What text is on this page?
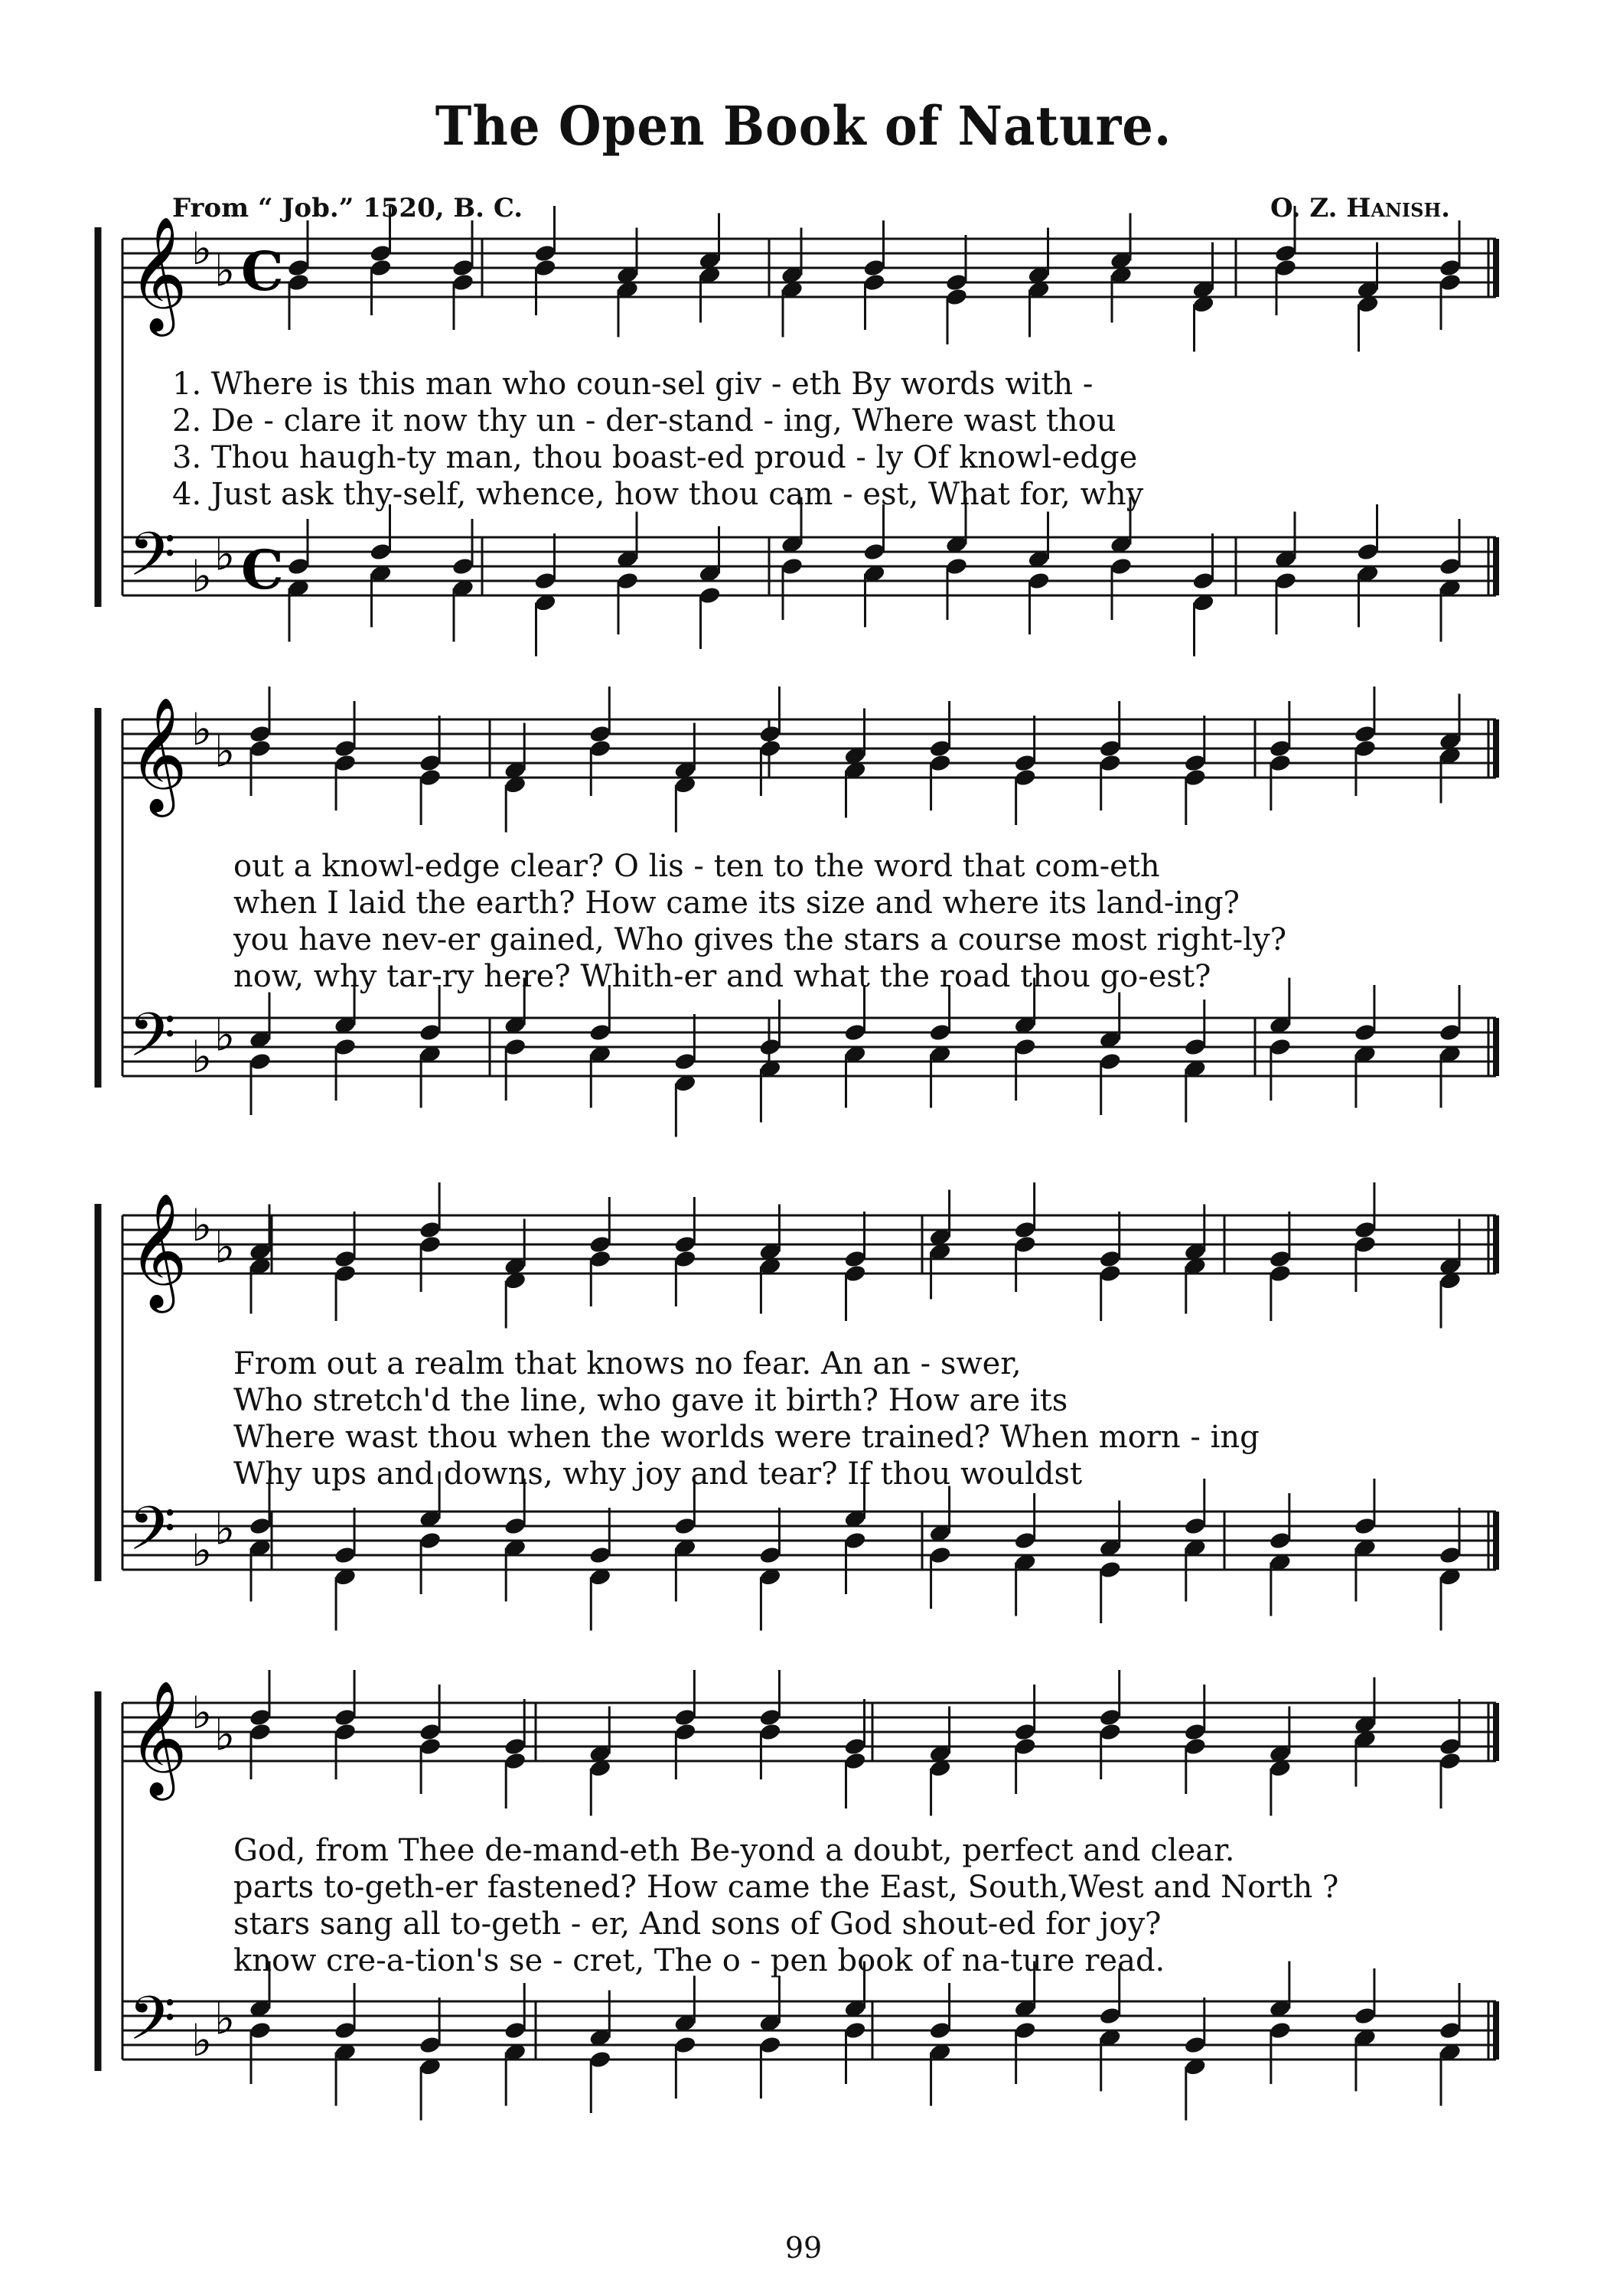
The Open Book of Nature.
From “ Job.” 1520, B. C.	O. Z. Hanish.
𝄞
𝄢
♭ ♭
♭ ♭
C
C
𝄞
𝄢
♭ ♭
♭ ♭
𝄞
𝄢
♭ ♭
♭ ♭
𝄞
𝄢
♭ ♭
♭ ♭
1. Where is this man who coun-sel giv - eth By words with -
2. De - clare it now thy un - der-stand - ing, Where wast thou
3. Thou haugh-ty man, thou boast-ed proud - ly Of knowl-edge
4. Just ask thy-self, whence, how thou cam - est, What for, why
out a knowl-edge clear? O lis - ten to the word that com-eth
when I laid the earth? How came its size and where its land-ing?
you have nev-er gained, Who gives the stars a course most right-ly?
now, why tar-ry here? Whith-er and what the road thou go-est?
From out a realm that knows no fear. An an - swer,
Who stretch'd the line, who gave it birth? How are its
Where wast thou when the worlds were trained? When morn - ing
Why ups and downs, why joy and tear? If thou wouldst
God, from Thee de-mand-eth Be-yond a doubt, perfect and clear.
parts to-geth-er fastened? How came the East, South,West and North ?
stars sang all to-geth - er, And sons of God shout-ed for joy?
know cre-a-tion's se - cret, The o - pen book of na-ture read.
99
